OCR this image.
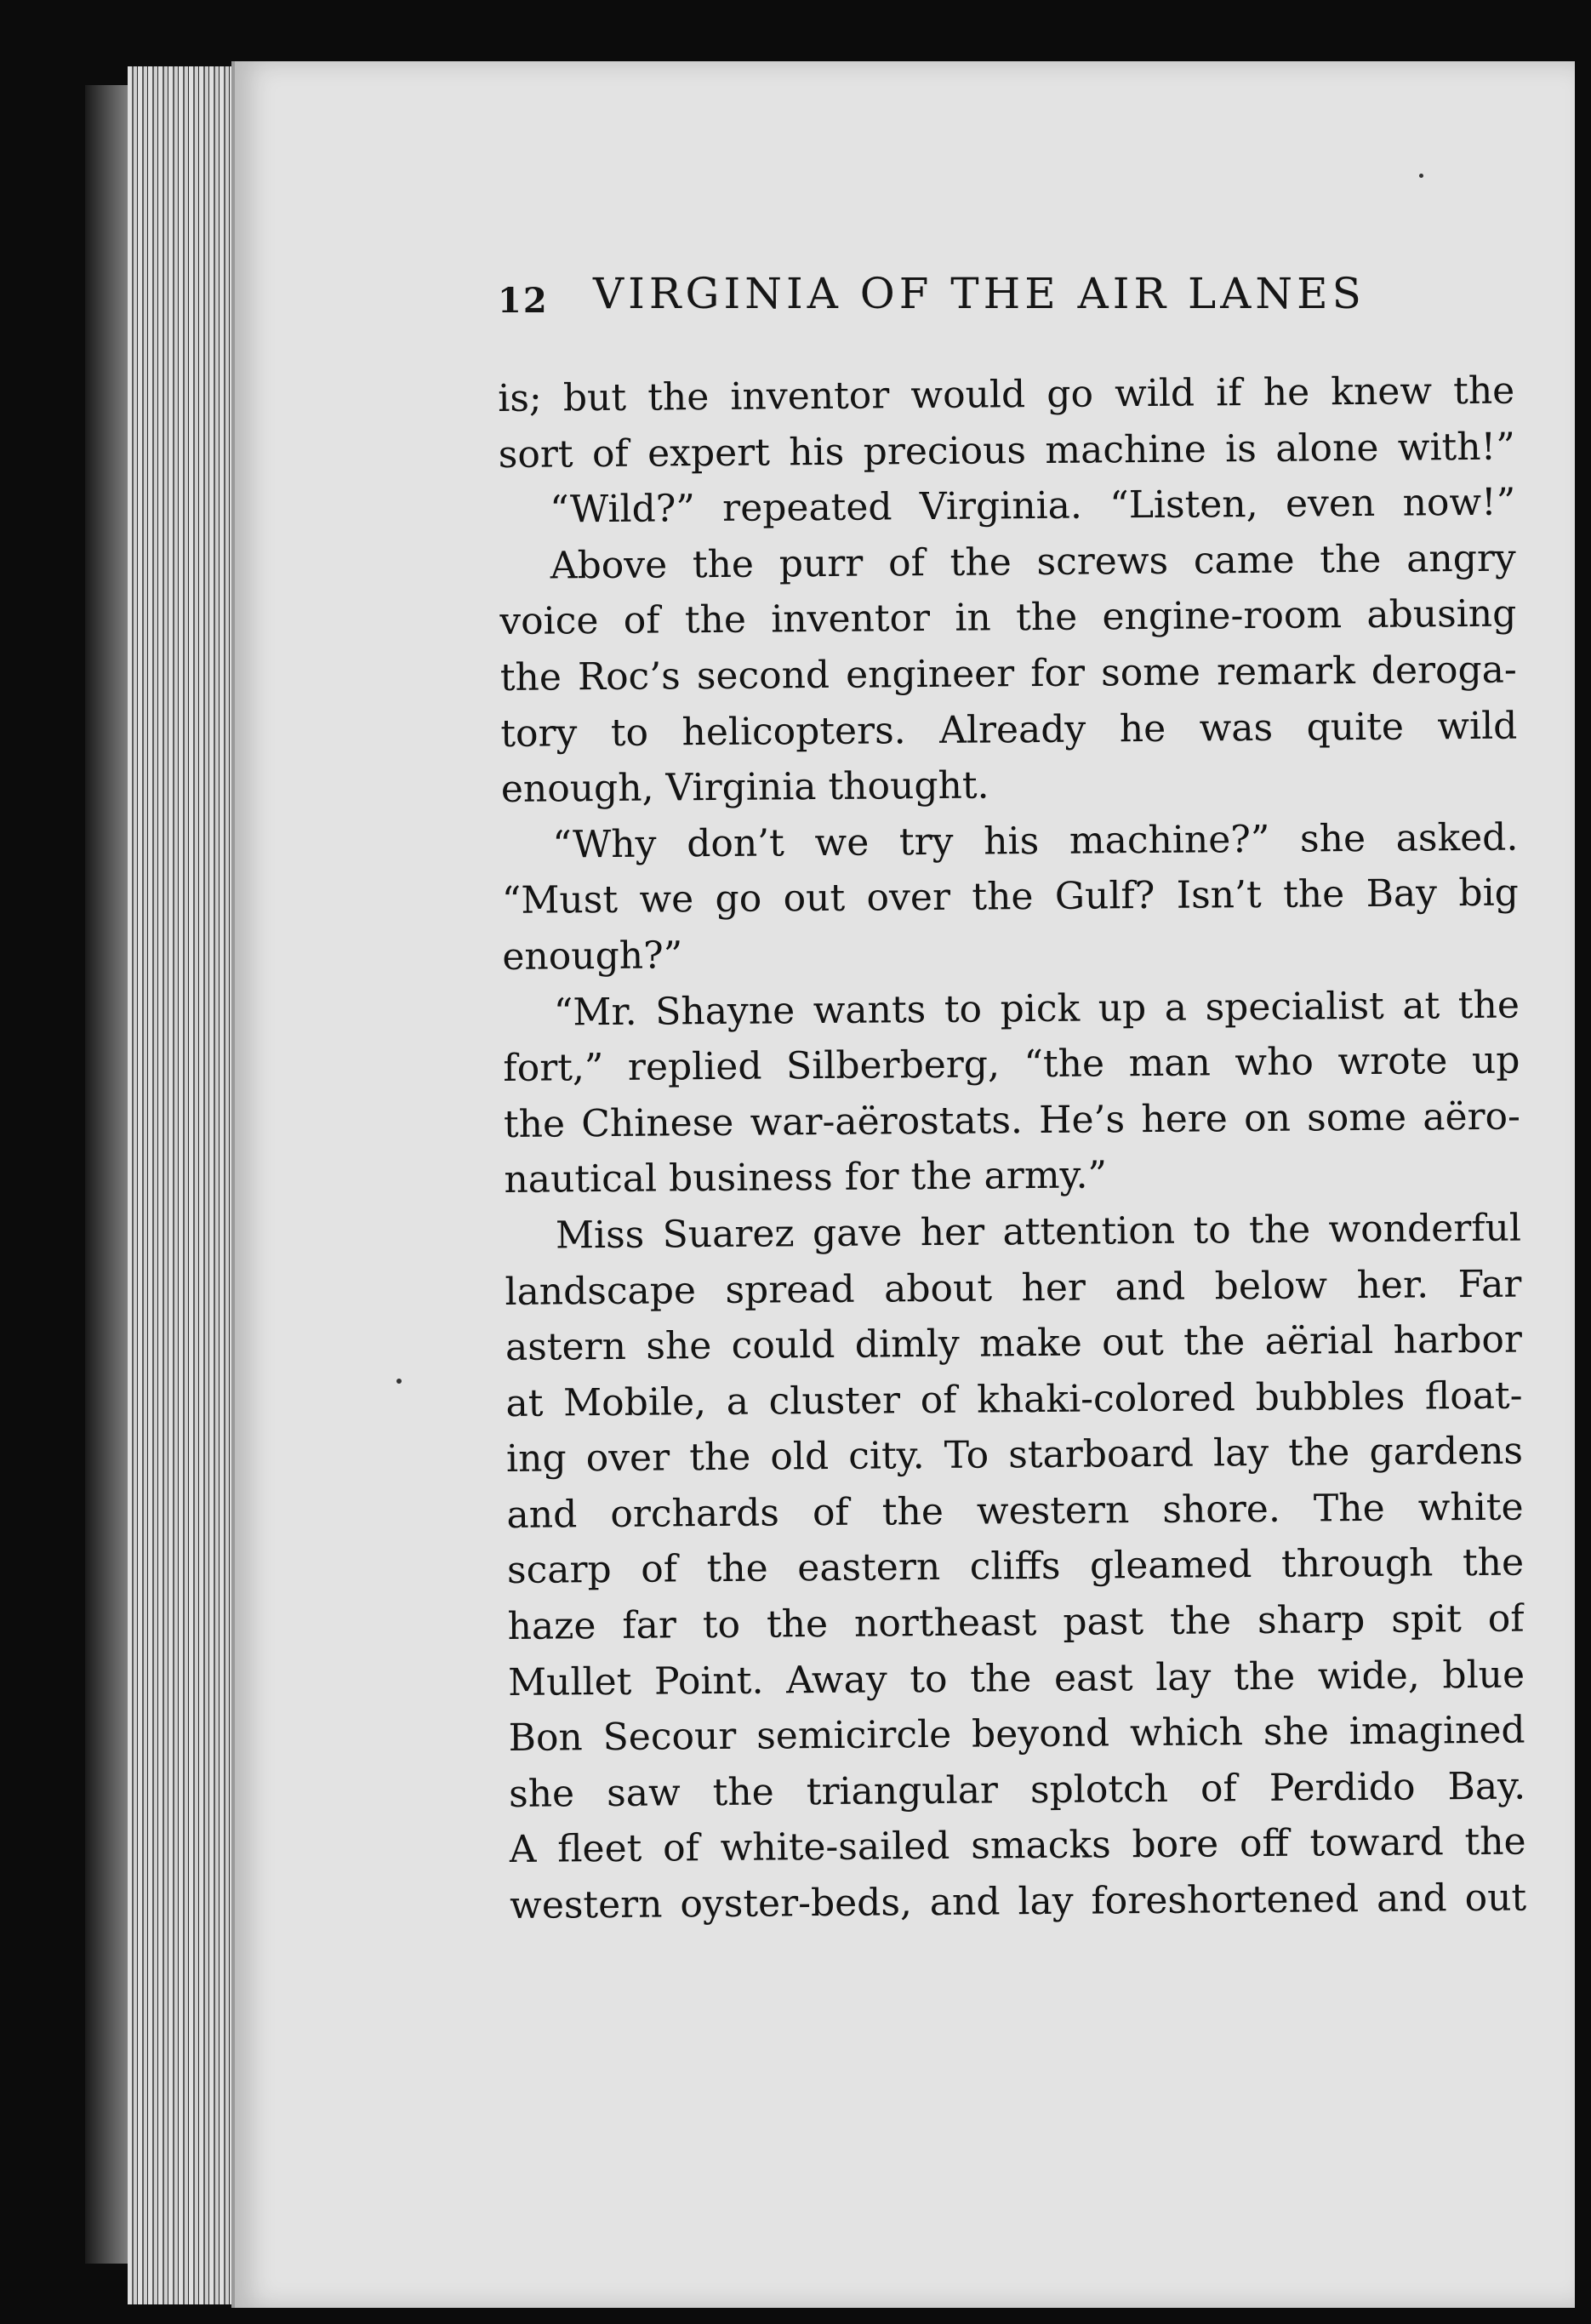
12 VIRGINIA OF THE AIR LANES
is; but the inventor would go wild if he knew the
sort of expert his precious machine is alone with!”
“Wild?” repeated Virginia. “Listen, even now!”
Above the purr of the screws came the angry
voice of the inventor in the engine-room abusing
the Roc’s second engineer for some remark deroga-
tory to helicopters. Already he was quite wild
enough, Virginia thought.
“Why don’t we try his machine?” she asked.
“Must we go out over the Gulf? Isn’t the Bay big
enough?”
“Mr. Shayne wants to pick up a specialist at the
fort,” replied Silberberg, “the man who wrote up
the Chinese war-aërostats. He’s here on some aëro-
nautical business for the army.”
Miss Suarez gave her attention to the wonderful
landscape spread about her and below her. Far
astern she could dimly make out the aërial harbor
at Mobile, a cluster of khaki-colored bubbles float-
ing over the old city. To starboard lay the gardens
and orchards of the western shore. The white
scarp of the eastern cliffs gleamed through the
haze far to the northeast past the sharp spit of
Mullet Point. Away to the east lay the wide, blue
Bon Secour semicircle beyond which she imagined
she saw the triangular splotch of Perdido Bay.
A fleet of white-sailed smacks bore off toward the
western oyster-beds, and lay foreshortened and out
